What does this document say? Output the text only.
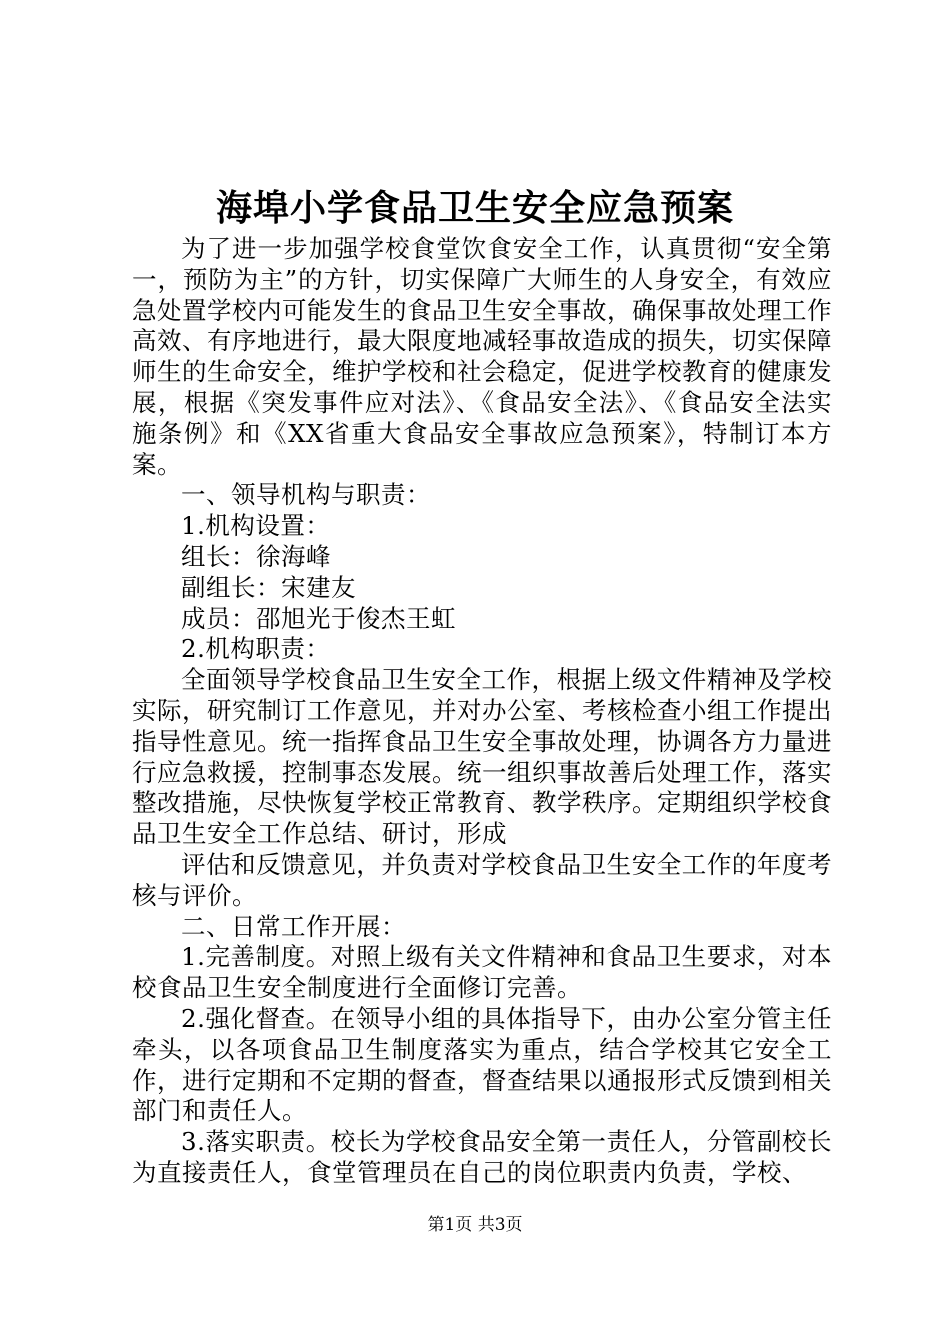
海埠小学食品卫生安全应急预案

为了进一步加强学校食堂饮食安全工作，认真贯彻“安全第一，预防为主”的方针，切实保障广大师生的人身安全，有效应急处置学校内可能发生的食品卫生安全事故，确保事故处理工作高效、有序地进行，最大限度地减轻事故造成的损失，切实保障师生的生命安全，维护学校和社会稳定，促进学校教育的健康发展，根据《突发事件应对法》、《食品安全法》、《食品安全法实施条例》和《XX省重大食品安全事故应急预案》，特制订本方案。

一、领导机构与职责：

1.机构设置：

组长：徐海峰

副组长：宋建友

成员：邵旭光于俊杰王虹

2.机构职责：

全面领导学校食品卫生安全工作，根据上级文件精神及学校实际，研究制订工作意见，并对办公室、考核检查小组工作提出指导性意见。统一指挥食品卫生安全事故处理，协调各方力量进行应急救援，控制事态发展。统一组织事故善后处理工作，落实整改措施，尽快恢复学校正常教育、教学秩序。定期组织学校食品卫生安全工作总结、研讨，形成

评估和反馈意见，并负责对学校食品卫生安全工作的年度考核与评价。

二、日常工作开展：

1.完善制度。对照上级有关文件精神和食品卫生要求，对本校食品卫生安全制度进行全面修订完善。

2.强化督查。在领导小组的具体指导下，由办公室分管主任牵头，以各项食品卫生制度落实为重点，结合学校其它安全工作，进行定期和不定期的督查，督查结果以通报形式反馈到相关部门和责任人。

3.落实职责。校长为学校食品安全第一责任人，分管副校长为直接责任人，食堂管理员在自己的岗位职责内负责，学校、

第1页 共3页
